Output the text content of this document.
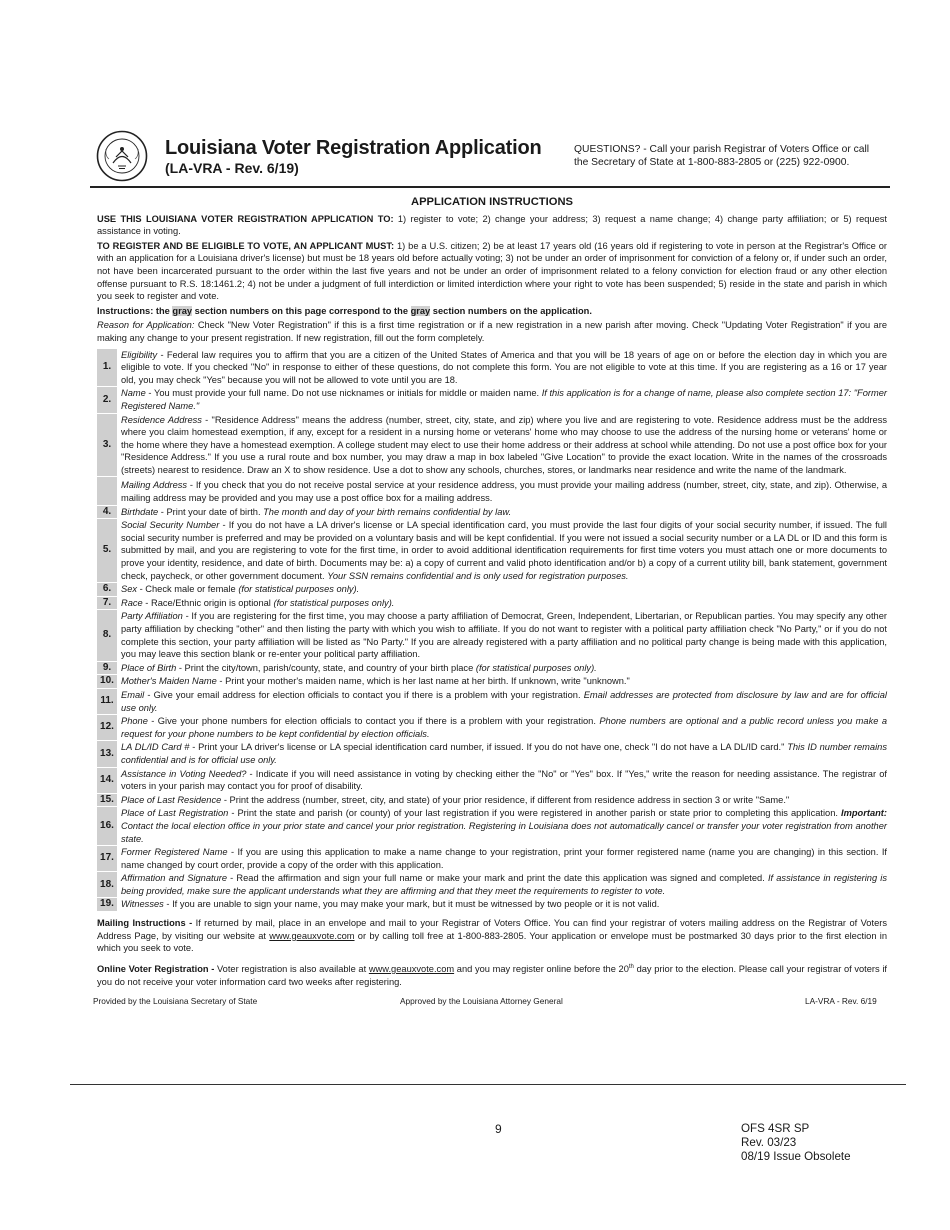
Louisiana Voter Registration Application
(LA-VRA - Rev. 6/19)
QUESTIONS? - Call your parish Registrar of Voters Office or call the Secretary of State at 1-800-883-2805 or (225) 922-0900.

APPLICATION INSTRUCTIONS

USE THIS LOUISIANA VOTER REGISTRATION APPLICATION TO: 1) register to vote; 2) change your address; 3) request a name change; 4) change party affiliation; or 5) request assistance in voting.

TO REGISTER AND BE ELIGIBLE TO VOTE, AN APPLICANT MUST: 1) be a U.S. citizen; 2) be at least 17 years old (16 years old if registering to vote in person at the Registrar's Office or with an application for a Louisiana driver's license) but must be 18 years old before actually voting; 3) not be under an order of imprisonment for conviction of a felony or, if under such an order, not have been incarcerated pursuant to the order within the last five years and not be under an order of imprisonment related to a felony conviction for election fraud or any other election offense pursuant to R.S. 18:1461.2; 4) not be under a judgment of full interdiction or limited interdiction where your right to vote has been suspended; 5) reside in the state and parish in which you seek to register and vote.

Instructions: the gray section numbers on this page correspond to the gray section numbers on the application.

Reason for Application: Check "New Voter Registration" if this is a first time registration or if a new registration in a new parish after moving. Check "Updating Voter Registration" if you are making any change to your present registration. If new registration, fill out the form completely.

1.	Eligibility - Federal law requires you to affirm that you are a citizen of the United States of America and that you will be 18 years of age on or before the election day in which you are eligible to vote. If you checked "No" in response to either of these questions, do not complete this form. You are not eligible to vote at this time. If you are registering as a 16 or 17 year old, you may check "Yes" because you will not be allowed to vote until you are 18.
2.	Name - You must provide your full name. Do not use nicknames or initials for middle or maiden name. If this application is for a change of name, please also complete section 17: "Former Registered Name."
3.	Residence Address - "Residence Address" means the address (number, street, city, state, and zip) where you live and are registering to vote. Residence address must be the address where you claim homestead exemption, if any, except for a resident in a nursing home or veterans' home who may choose to use the address of the nursing home or veterans' home or the home where they have a homestead exemption. A college student may elect to use their home address or their address at school while attending. Do not use a post office box for your "Residence Address." If you use a rural route and box number, you may draw a map in box labeled "Give Location" to provide the exact location. Write in the names of the crossroads (streets) nearest to residence. Draw an X to show residence. Use a dot to show any schools, churches, stores, or landmarks near residence and write the name of the landmark.
	Mailing Address - If you check that you do not receive postal service at your residence address, you must provide your mailing address (number, street, city, state, and zip). Otherwise, a mailing address may be provided and you may use a post office box for a mailing address.
4.	Birthdate - Print your date of birth. The month and day of your birth remains confidential by law.
5.	Social Security Number - If you do not have a LA driver's license or LA special identification card, you must provide the last four digits of your social security number, if issued. The full social security number is preferred and may be provided on a voluntary basis and will be kept confidential. If you were not issued a social security number or a LA DL or ID and this form is submitted by mail, and you are registering to vote for the first time, in order to avoid additional identification requirements for first time voters you must attach one or more documents to prove your identity, residence, and date of birth. Documents may be: a) a copy of current and valid photo identification and/or b) a copy of a current utility bill, bank statement, government check, paycheck, or other government document. Your SSN remains confidential and is only used for registration purposes.
6.	Sex - Check male or female (for statistical purposes only).
7.	Race - Race/Ethnic origin is optional (for statistical purposes only).
8.	Party Affiliation - If you are registering for the first time, you may choose a party affiliation of Democrat, Green, Independent, Libertarian, or Republican parties. You may specify any other party affiliation by checking "other" and then listing the party with which you wish to affiliate. If you do not want to register with a political party affiliation check "No Party," or if you do not complete this section, your party affiliation will be listed as "No Party." If you are already registered with a party affiliation and no political party change is being made with this application, you may leave this section blank or re-enter your political party affiliation.
9.	Place of Birth - Print the city/town, parish/county, state, and country of your birth place (for statistical purposes only).
10.	Mother's Maiden Name - Print your mother's maiden name, which is her last name at her birth. If unknown, write "unknown."
11.	Email - Give your email address for election officials to contact you if there is a problem with your registration. Email addresses are protected from disclosure by law and are for official use only.
12.	Phone - Give your phone numbers for election officials to contact you if there is a problem with your registration. Phone numbers are optional and a public record unless you make a request for your phone numbers to be kept confidential by election officials.
13.	LA DL/ID Card # - Print your LA driver's license or LA special identification card number, if issued. If you do not have one, check "I do not have a LA DL/ID card." This ID number remains confidential and is for official use only.
14.	Assistance in Voting Needed? - Indicate if you will need assistance in voting by checking either the "No" or "Yes" box. If "Yes," write the reason for needing assistance. The registrar of voters in your parish may contact you for proof of disability.
15.	Place of Last Residence - Print the address (number, street, city, and state) of your prior residence, if different from residence address in section 3 or write "Same."
16.	Place of Last Registration - Print the state and parish (or county) of your last registration if you were registered in another parish or state prior to completing this application. Important: Contact the local election office in your prior state and cancel your prior registration. Registering in Louisiana does not automatically cancel or transfer your voter registration from another state.
17.	Former Registered Name - If you are using this application to make a name change to your registration, print your former registered name (name you are changing) in this section. If name changed by court order, provide a copy of the order with this application.
18.	Affirmation and Signature - Read the affirmation and sign your full name or make your mark and print the date this application was signed and completed. If assistance in registering is being provided, make sure the applicant understands what they are affirming and that they meet the requirements to register to vote.
19.	Witnesses - If you are unable to sign your name, you may make your mark, but it must be witnessed by two people or it is not valid.

Mailing Instructions - If returned by mail, place in an envelope and mail to your Registrar of Voters Office. You can find your registrar of voters mailing address on the Registrar of Voters Address Page, by visiting our website at www.geauxvote.com or by calling toll free at 1-800-883-2805. Your application or envelope must be postmarked 30 days prior to the first election in which you seek to vote.

Online Voter Registration - Voter registration is also available at www.geauxvote.com and you may register online before the 20th day prior to the election. Please call your registrar of voters if you do not receive your voter information card two weeks after registering.

Provided by the Louisiana Secretary of State	Approved by the Louisiana Attorney General	LA-VRA - Rev. 6/19
9	OFS 4SR SP
Rev. 03/23
08/19 Issue Obsolete
